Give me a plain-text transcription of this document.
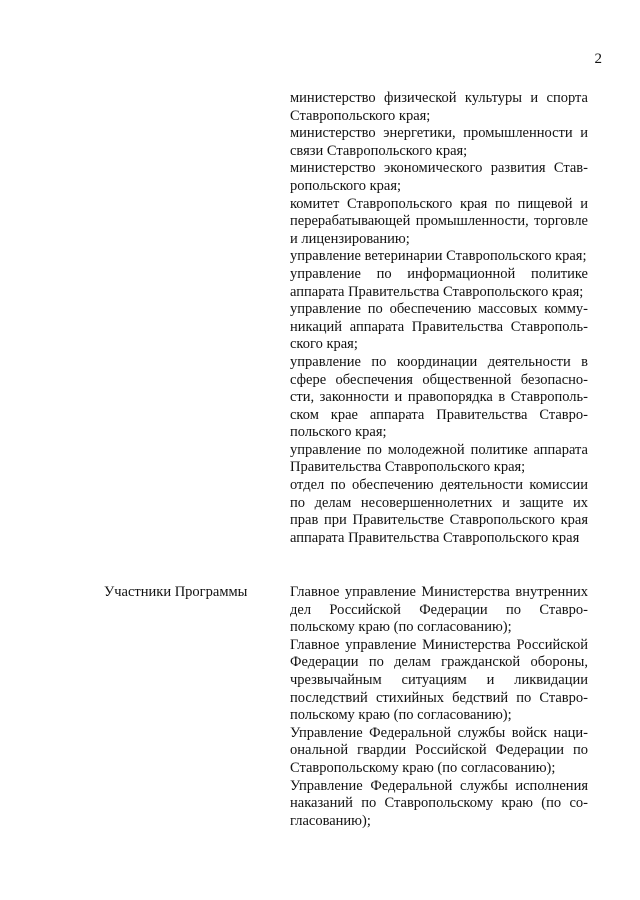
2

министерство физической культуры и спорта Ставропольского края;

министерство энергетики, промышленности и связи Ставропольского края;

министерство экономического развития Ставропольского края;

комитет Ставропольского края по пищевой и перерабатывающей промышленности, торговле и лицензированию;

управление ветеринарии Ставропольского края;

управление по информационной политике аппарата Правительства Ставропольского края;

управление по обеспечению массовых коммуникаций аппарата Правительства Ставропольского края;

управление по координации деятельности в сфере обеспечения общественной безопасности, законности и правопорядка в Ставропольском крае аппарата Правительства Ставропольского края;

управление по молодежной политике аппарата Правительства Ставропольского края;

отдел по обеспечению деятельности комиссии по делам несовершеннолетних и защите их прав при Правительстве Ставропольского края аппарата Правительства Ставропольского края

Участники Программы	Главное управление Министерства внутренних дел Российской Федерации по Ставропольскому краю (по согласованию);

Главное управление Министерства Российской Федерации по делам гражданской обороны, чрезвычайным ситуациям и ликвидации последствий стихийных бедствий по Ставропольскому краю (по согласованию);

Управление Федеральной службы войск национальной гвардии Российской Федерации по Ставропольскому краю (по согласованию);

Управление Федеральной службы исполнения наказаний по Ставропольскому краю (по согласованию);
